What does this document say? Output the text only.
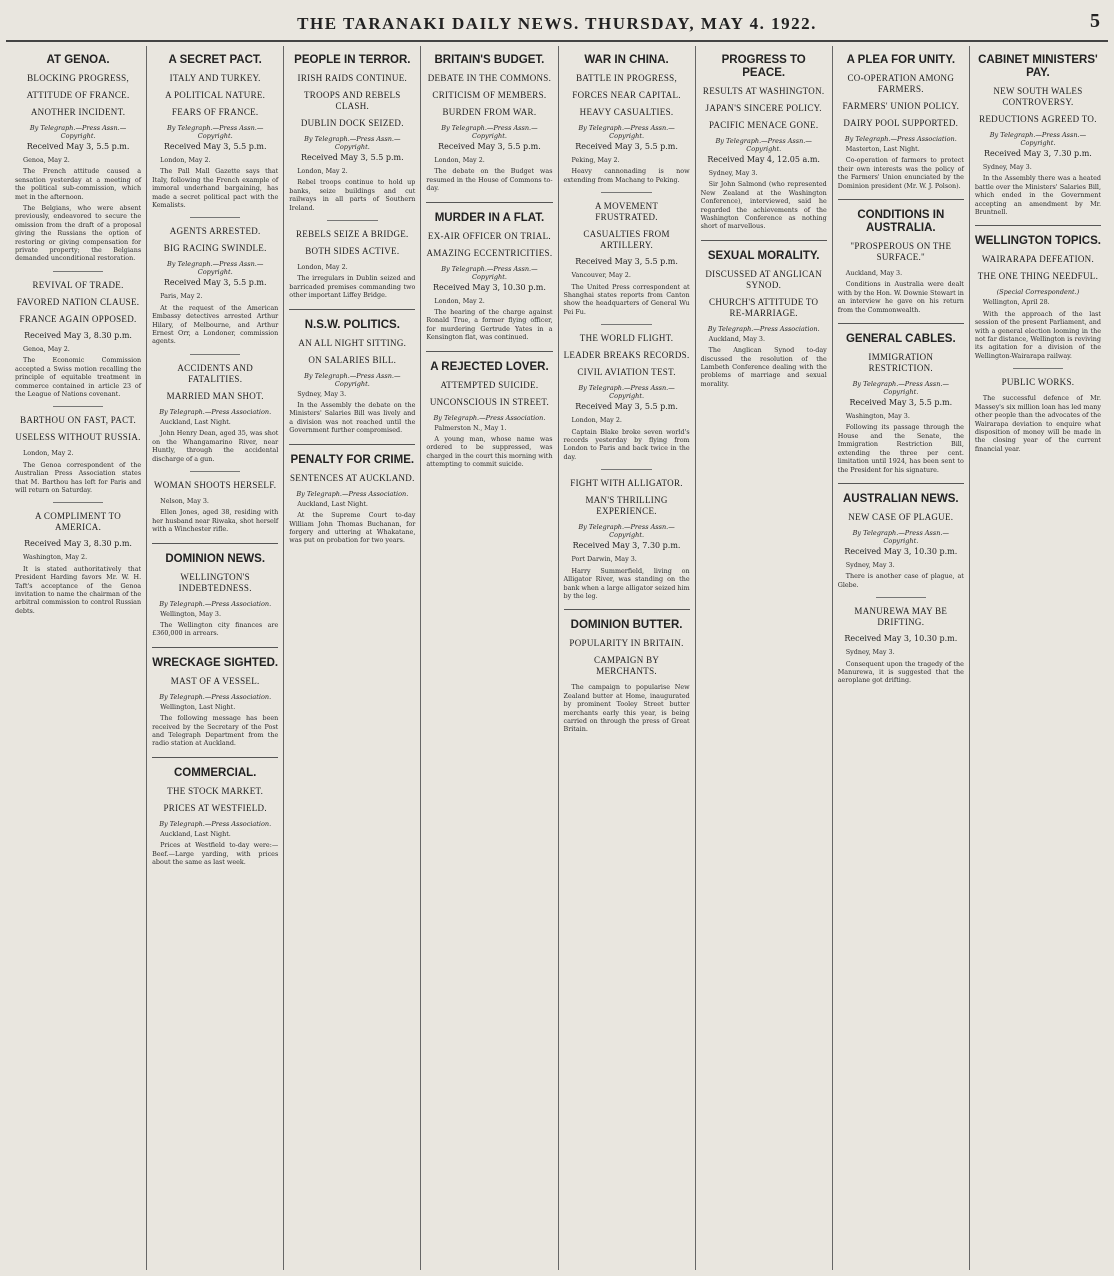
THE TARANAKI DAILY NEWS. THURSDAY, MAY 4. 1922.	5
AT GENOA.
BLOCKING PROGRESS,
ATTITUDE OF FRANCE.
ANOTHER INCIDENT.
By Telegraph.—Press Assn.—Copyright.
Received May 3, 5.5 p.m.

Genoa, May 2.

The French attitude caused a sensation yesterday at a meeting of the political sub-commission, which met in the afternoon.

The Belgians, who were absent previously, endeavored to secure the omission from the draft of a proposal giving the Russians the option of restoring or giving compensation for private property; the Belgians demanded unconditional restoration.

REVIVAL OF TRADE.
FAVORED NATION CLAUSE.
FRANCE AGAIN OPPOSED.
Received May 3, 8.30 p.m.

Genoa, May 2.

The Economic Commission accepted a Swiss motion recalling the principle of equitable treatment in commerce contained in article 23 of the League of Nations covenant.

BARTHOU ON FAST, PACT.
USELESS WITHOUT RUSSIA.

London, May 2.

The Genoa correspondent of the Australian Press Association states that M. Barthou has left for Paris and will return on Saturday.

A COMPLIMENT TO AMERICA.
Received May 3, 8.30 p.m.

Washington, May 2.

It is stated authoritatively that President Harding favors Mr. W. H. Taft's acceptance of the Genoa invitation to name the chairman of the arbitral commission to control Russian debts.

A SECRET PACT.
ITALY AND TURKEY.
A POLITICAL NATURE.
FEARS OF FRANCE.
By Telegraph.—Press Assn.—Copyright.
Received May 3, 5.5 p.m.

London, May 2.

The Pall Mall Gazette says that Italy, following the French example of immoral underhand bargaining, has made a secret political pact with the Kemalists.

AGENTS ARRESTED.
BIG RACING SWINDLE.
By Telegraph.—Press Assn.—Copyright.
Received May 3, 5.5 p.m.

Paris, May 2.

At the request of the American Embassy detectives arrested Arthur Hilary, of Melbourne, and Arthur Ernest Orr, a Londoner, commission agents.

ACCIDENTS AND FATALITIES.
MARRIED MAN SHOT.
By Telegraph.—Press Association.

Auckland, Last Night.

John Henry Dean, aged 35, was shot on the Whangamarino River, near Huntly, through the accidental discharge of a gun.

WOMAN SHOOTS HERSELF.

Nelson, May 3.

Ellen Jones, aged 38, residing with her husband near Riwaka, shot herself with a Winchester rifle.

DOMINION NEWS.
WELLINGTON'S INDEBTEDNESS.
By Telegraph.—Press Association.

Wellington, May 3.

The Wellington city finances are £360,000 in arrears.

WRECKAGE SIGHTED.
MAST OF A VESSEL.
By Telegraph.—Press Association.

Wellington, Last Night.

The following message has been received by the Secretary of the Post and Telegraph Department from the radio station at Auckland.

COMMERCIAL.
THE STOCK MARKET.
PRICES AT WESTFIELD.
By Telegraph.—Press Association.

Auckland, Last Night.

Prices at Westfield to-day were:— Beef.—Large yarding, with prices about the same as last week.

PEOPLE IN TERROR.
IRISH RAIDS CONTINUE.
TROOPS AND REBELS CLASH.
DUBLIN DOCK SEIZED.
By Telegraph.—Press Assn.—Copyright.
Received May 3, 5.5 p.m.

London, May 2.

Rebel troops continue to hold up banks, seize buildings and cut railways in all parts of Southern Ireland.

REBELS SEIZE A BRIDGE.
BOTH SIDES ACTIVE.

London, May 2.

The irregulars in Dublin seized and barricaded premises commanding two other important Liffey Bridge.

N.S.W. POLITICS.
AN ALL NIGHT SITTING.
ON SALARIES BILL.
By Telegraph.—Press Assn.—Copyright.

Sydney, May 3.

In the Assembly the debate on the Ministers' Salaries Bill was lively and a division was not reached until the Government further compromised.

PENALTY FOR CRIME.
SENTENCES AT AUCKLAND.
By Telegraph.—Press Association.

Auckland, Last Night.

At the Supreme Court to-day William John Thomas Buchanan, for forgery and uttering at Whakatane, was put on probation for two years.

BRITAIN'S BUDGET.
DEBATE IN THE COMMONS.
CRITICISM OF MEMBERS.
BURDEN FROM WAR.
By Telegraph.—Press Assn.—Copyright.
Received May 3, 5.5 p.m.

London, May 2.

The debate on the Budget was resumed in the House of Commons to-day.

MURDER IN A FLAT.
EX-AIR OFFICER ON TRIAL.
AMAZING ECCENTRICITIES.
By Telegraph.—Press Assn.—Copyright.
Received May 3, 10.30 p.m.

London, May 2.

The hearing of the charge against Ronald True, a former flying officer, for murdering Gertrude Yates in a Kensington flat, was continued.

A REJECTED LOVER.
ATTEMPTED SUICIDE.
UNCONSCIOUS IN STREET.
By Telegraph.—Press Association.

Palmerston N., May 1.

A young man, whose name was ordered to be suppressed, was charged in the court this morning with attempting to commit suicide.

WAR IN CHINA.
BATTLE IN PROGRESS,
FORCES NEAR CAPITAL.
HEAVY CASUALTIES.
By Telegraph.—Press Assn.—Copyright.
Received May 3, 5.5 p.m.

Peking, May 2.

Heavy cannonading is now extending from Machang to Peking.

A MOVEMENT FRUSTRATED.
CASUALTIES FROM ARTILLERY.
Received May 3, 5.5 p.m.

Vancouver, May 2.

The United Press correspondent at Shanghai states reports from Canton show the headquarters of General Wu Pei Fu.

THE WORLD FLIGHT.
LEADER BREAKS RECORDS.
CIVIL AVIATION TEST.
By Telegraph.—Press Assn.—Copyright.
Received May 3, 5.5 p.m.

London, May 2.

Captain Blake broke seven world's records yesterday by flying from London to Paris and back twice in the day.

FIGHT WITH ALLIGATOR.
MAN'S THRILLING EXPERIENCE.
By Telegraph.—Press Assn.—Copyright.
Received May 3, 7.30 p.m.

Port Darwin, May 3.

Harry Summerfield, living on Alligator River, was standing on the bank when a large alligator seized him by the leg.

DOMINION BUTTER.
POPULARITY IN BRITAIN.
CAMPAIGN BY MERCHANTS.

The campaign to popularise New Zealand butter at Home, inaugurated by prominent Tooley Street butter merchants early this year, is being carried on through the press of Great Britain.

PROGRESS TO PEACE.
RESULTS AT WASHINGTON.
JAPAN'S SINCERE POLICY.
PACIFIC MENACE GONE.
By Telegraph.—Press Assn.—Copyright.
Received May 4, 12.05 a.m.

Sydney, May 3.

Sir John Salmond (who represented New Zealand at the Washington Conference), interviewed, said he regarded the achievements of the Washington Conference as nothing short of marvellous.

SEXUAL MORALITY.
DISCUSSED AT ANGLICAN SYNOD.
CHURCH'S ATTITUDE TO RE-MARRIAGE.
By Telegraph.—Press Association.

Auckland, May 3.

The Anglican Synod to-day discussed the resolution of the Lambeth Conference dealing with the problems of marriage and sexual morality.

A PLEA FOR UNITY.
CO-OPERATION AMONG FARMERS.
FARMERS' UNION POLICY.
DAIRY POOL SUPPORTED.
By Telegraph.—Press Association.

Masterton, Last Night.

Co-operation of farmers to protect their own interests was the policy of the Farmers' Union enunciated by the Dominion president (Mr. W. J. Polson).

CONDITIONS IN AUSTRALIA.
"PROSPEROUS ON THE SURFACE."

Auckland, May 3.

Conditions in Australia were dealt with by the Hon. W. Downie Stewart in an interview he gave on his return from the Commonwealth.

GENERAL CABLES.
IMMIGRATION RESTRICTION.
By Telegraph.—Press Assn.—Copyright.
Received May 3, 5.5 p.m.

Washington, May 3.

Following its passage through the House and the Senate, the Immigration Restriction Bill, extending the three per cent. limitation until 1924, has been sent to the President for his signature.

AUSTRALIAN NEWS.
NEW CASE OF PLAGUE.
By Telegraph.—Press Assn.—Copyright.
Received May 3, 10.30 p.m.

Sydney, May 3.

There is another case of plague, at Glebe.

MANUREWA MAY BE DRIFTING.
Received May 3, 10.30 p.m.

Sydney, May 3.

Consequent upon the tragedy of the Manurewa, it is suggested that the aeroplane got drifting.

CABINET MINISTERS' PAY.
NEW SOUTH WALES CONTROVERSY.
REDUCTIONS AGREED TO.
By Telegraph.—Press Assn.—Copyright.
Received May 3, 7.30 p.m.

Sydney, May 3.

In the Assembly there was a heated battle over the Ministers' Salaries Bill, which ended in the Government accepting an amendment by Mr. Bruntnell.

WELLINGTON TOPICS.
WAIRARAPA DEFEATION.
THE ONE THING NEEDFUL.
(Special Correspondent.)

Wellington, April 28.

With the approach of the last session of the present Parliament, and with a general election looming in the not far distance, Wellington is reviving its agitation for a division of the Wellington-Wairarapa railway.

PUBLIC WORKS.

The successful defence of Mr. Massey's six million loan has led many other people than the advocates of the Wairarapa deviation to enquire what disposition of money will be made in the closing year of the current financial year.
